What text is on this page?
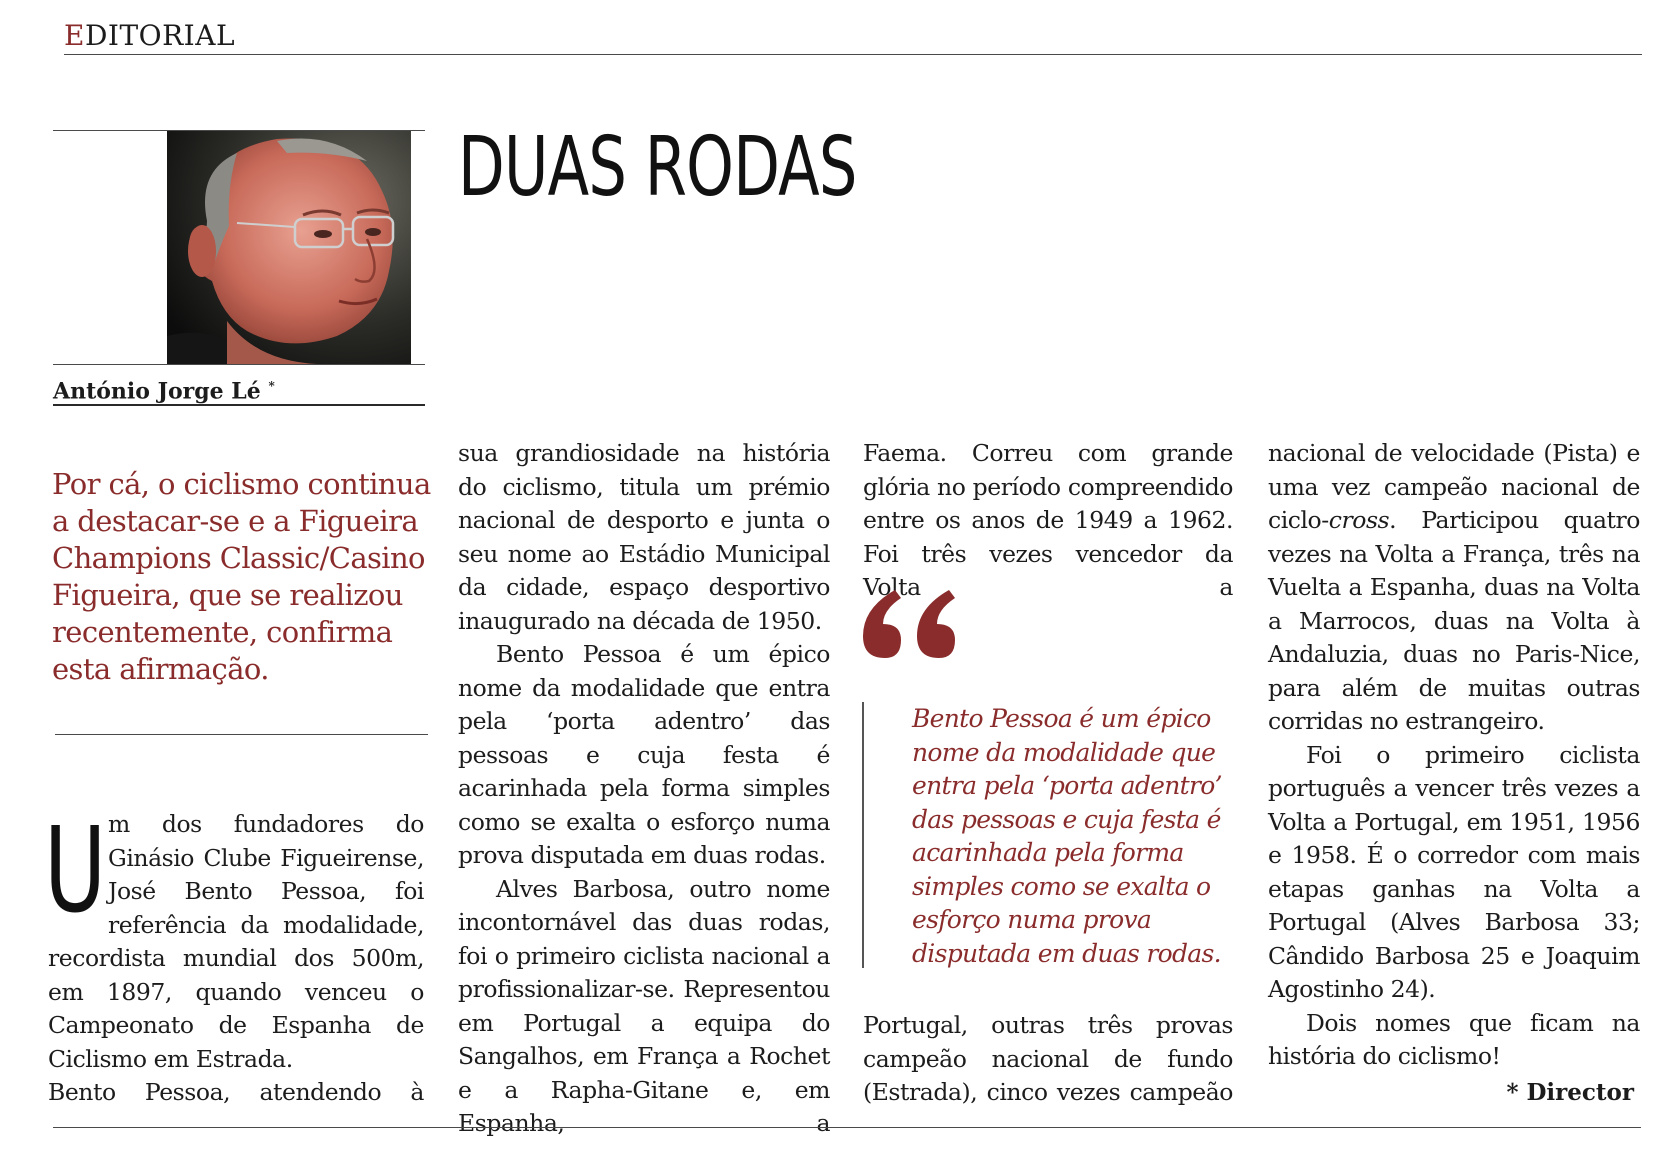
EDITORIAL
António Jorge Lé *
DUAS RODAS

Por cá, o ciclismo continua a destacar-se e a Figueira Champions Classic/Casino Figueira, que se realizou recentemente, confirma esta afirmação.

Um dos fundadores do Ginásio Clube Figueirense, José Bento Pessoa, foi referência da modalidade, recordista mundial dos 500m, em 1897, quando venceu o Campeonato de Espanha de Ciclismo em Estrada.

Bento Pessoa, atendendo à

sua grandiosidade na história do ciclismo, titula um prémio nacional de desporto e junta o seu nome ao Estádio Municipal da cidade, espaço desportivo inaugurado na década de 1950.

Bento Pessoa é um épico nome da modalidade que entra pela ‘porta adentro’ das pessoas e cuja festa é acarinhada pela forma simples como se exalta o esforço numa prova disputada em duas rodas.

Alves Barbosa, outro nome incontornável das duas rodas, foi o primeiro ciclista nacional a profissionalizar-se. Representou em Portugal a equipa do Sangalhos, em França a Rochet e a Rapha-Gitane e, em Espanha, a

Faema. Correu com grande glória no período compreendido entre os anos de 1949 a 1962. Foi três vezes vencedor da Volta a

Bento Pessoa é um épico nome da modalidade que entra pela ‘porta adentro’ das pessoas e cuja festa é acarinhada pela forma simples como se exalta o esforço numa prova disputada em duas rodas.

Portugal, outras três provas campeão nacional de fundo (Estrada), cinco vezes campeão

nacional de velocidade (Pista) e uma vez campeão nacional de ciclo-cross. Participou quatro vezes na Volta a França, três na Vuelta a Espanha, duas na Volta a Marrocos, duas na Volta à Andaluzia, duas no Paris-Nice, para além de muitas outras corridas no estrangeiro.

Foi o primeiro ciclista português a vencer três vezes a Volta a Portugal, em 1951, 1956 e 1958. É o corredor com mais etapas ganhas na Volta a Portugal (Alves Barbosa 33; Cândido Barbosa 25 e Joaquim Agostinho 24).

Dois nomes que ficam na história do ciclismo!

* Director
